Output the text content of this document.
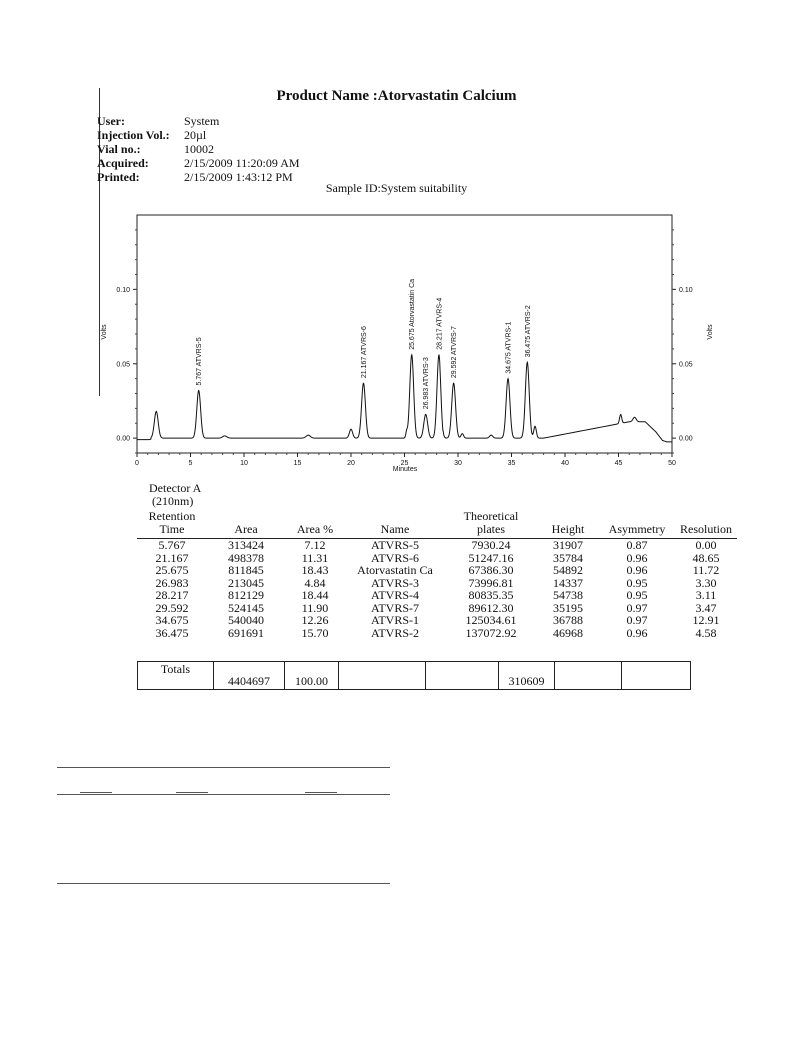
Product Name :Atorvastatin Calcium
User:	System
Injection Vol.: 20µl
Vial no.:	10002
Acquired:	2/15/2009 11:20:09 AM
Printed:	2/15/2009 1:43:12 PM
Sample ID:System suitability
0	5	10	15	20	25	30	35	40	45	50
0.00
0.05
0.10
0.00
0.05
0.10
5.767 ATVRS-5	21.167 ATVRS-6
25.675 Atorvastatin Ca
26.983 ATVRS-3
28.217 ATVRS-4
29.592 ATVRS-7	34.675 ATVRS-1 36.475 ATVRS-2
Minutes
Volts	Volts
Detector A
(210nm)							
Retention
Time	Area	Area %	Name	Theoretical
plates	Height	Asymmetry	Resolution
5.767	313424	7.12	ATVRS-5	7930.24	31907	0.87	0.00
21.167	498378	11.31	ATVRS-6	51247.16	35784	0.96	48.65
25.675	811845	18.43	Atorvastatin Ca	67386.30	54892	0.96	11.72
26.983	213045	4.84	ATVRS-3	73996.81	14337	0.95	3.30
28.217	812129	18.44	ATVRS-4	80835.35	54738	0.95	3.11
29.592	524145	11.90	ATVRS-7	89612.30	35195	0.97	3.47
34.675	540040	12.26	ATVRS-1	125034.61	36788	0.97	12.91
36.475	691691	15.70	ATVRS-2	137072.92	46968	0.96	4.58
Totals	4404697	100.00			310609		
